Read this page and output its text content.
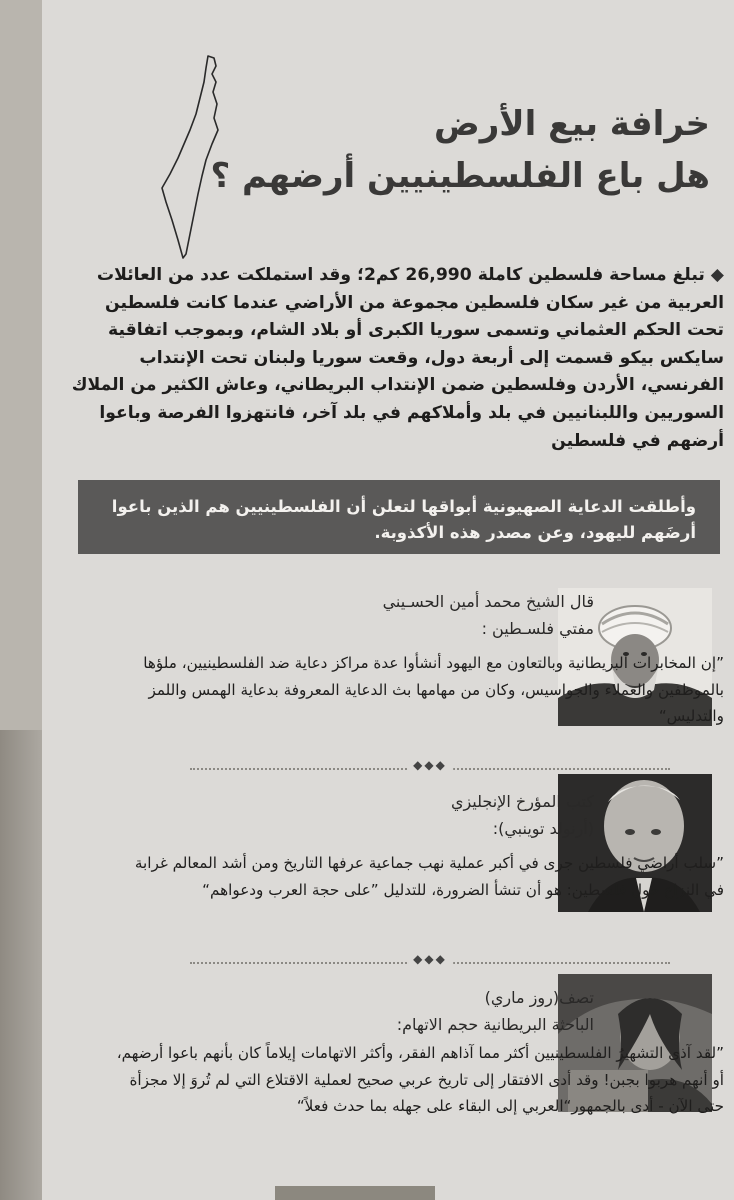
خرافة بيع الأرض
هل باع الفلسطينيين أرضهم ؟
◆ تبلغ مساحة فلسطين كاملة 26,990 كم2؛ وقد استملكت عدد من العائلات العربية من غير سكان فلسطين مجموعة من الأراضي عندما كانت فلسطين تحت الحكم العثماني وتسمى سوريا الكبرى أو بلاد الشام، وبموجب اتفاقية سايكس بيكو قسمت إلى أربعة دول، وقعت سوريا ولبنان تحت الإنتداب الفرنسي، الأردن وفلسطين ضمن الإنتداب البريطاني، وعاش الكثير من الملاك السوريين واللبنانيين في بلد وأملاكهم في بلد آخر، فانتهزوا الفرصة وباعوا أرضهم في فلسطين

وأطلقت الدعاية الصهيونية أبواقها لتعلن أن الفلسطينيين هم الذين باعوا أرضَهم لليهود، وعن مصدر هذه الأكذوبة.

قال الشيخ محمد أمين الحسـيني
مفتي فلسـطين :
”إن المخابرات البريطانية وبالتعاون مع اليهود أنشأوا عدة مراكز دعاية ضد الفلسطينيين، ملؤها بالموظفين والعملاء والجواسيس، وكان من مهامها بث الدعاية المعروفة بدعاية الهمس واللمز والتدليس“
◆◆◆
كتب المؤرخ الإنجليزي
(أرنولد توينبي):
”سلب أراضي فلسطين جرى في أكبر عملية نهب جماعية عرفها التاريخ ومن أشد المعالم غرابة في النزاع حول فلسطين: هو أن تنشأ الضرورة، للتدليل ”على حجة العرب ودعواهم“
◆◆◆
تصف(روز ماري)
الباحثة البريطانية حجم الاتهام:
”لقد آذى التشهيرُ الفلسطينيين أكثر مما آذاهم الفقر، وأكثر الاتهامات إيلاماً كان بأنهم باعوا أرضهم، أو أنهم هربوا بجبن! وقد أدى الافتقار إلى تاريخ عربي صحيح لعملية الاقتلاع التي لم تُروَ إلا مجزأة حتى الآن - أدى بالجمهور“العربي إلى البقاء على جهله بما حدث فعلاً“
